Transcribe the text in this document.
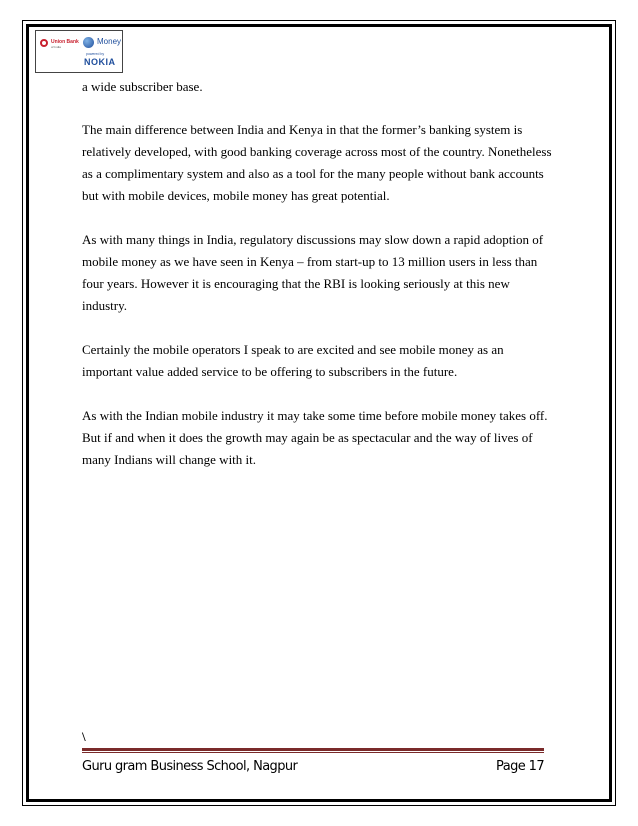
Union Bank
of India
Money
powered by
NOKIA

a wide subscriber base.

The main difference between India and Kenya in that the former’s banking system is relatively developed, with good banking coverage across most of the country. Nonetheless as a complimentary system and also as a tool for the many people without bank accounts but with mobile devices, mobile money has great potential.

As with many things in India, regulatory discussions may slow down a rapid adoption of mobile money as we have seen in Kenya – from start-up to 13 million users in less than four years. However it is encouraging that the RBI is looking seriously at this new industry.

Certainly the mobile operators I speak to are excited and see mobile money as an important value added service to be offering to subscribers in the future.

As with the Indian mobile industry it may take some time before mobile money takes off. But if and when it does the growth may again be as spectacular and the way of lives of many Indians will change with it.

\
Guru gram Business School, Nagpur	Page 17
